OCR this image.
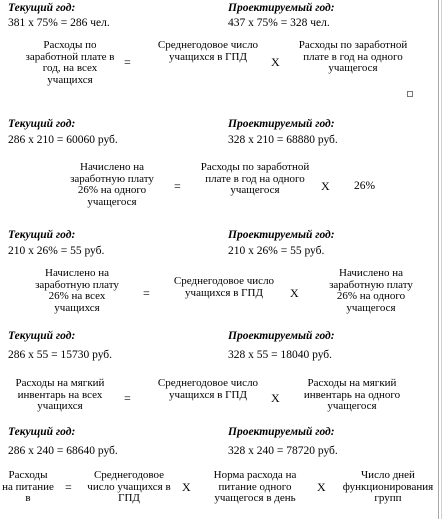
Текущий год:	Проектируемый год:
381 x 75% = 286 чел.	437 x 75% = 328 чел.
Расходы по заработной плате в год, на всех учащихся
=
Среднегодовое число учащихся в ГПД	X
Расходы по заработной плате в год на одного учащегося
Текущий год:	Проектируемый год:
286 x 210 = 60060 руб.	328 x 210 = 68880 руб.
Начислено на заработную плату 26% на одного учащегося
=
Расходы по заработной плате в год на одного учащегося	X 26%
Текущий год:	Проектируемый год:
210 x 26% = 55 руб.	210 x 26% = 55 руб.
Начислено на заработную плату 26% на всех учащихся
=
Среднегодовое число учащихся в ГПД	X
Начислено на заработную плату 26% на одного учащегося
Текущий год:	Проектируемый год:
286 x 55 = 15730 руб.	328 x 55 = 18040 руб.
Расходы на мягкий инвентарь на всех учащихся
=
Среднегодовое число учащихся в ГПД	X
Расходы на мягкий инвентарь на одного учащегося
Текущий год:	Проектируемый год:
286 x 240 = 68640 руб.	328 x 240 = 78720 руб.
Расходы на питание в
=
Среднегодовое число учащихся в ГПД
X
Норма расхода на питание одного учащегося в день
X
Число дней функционирования групп
